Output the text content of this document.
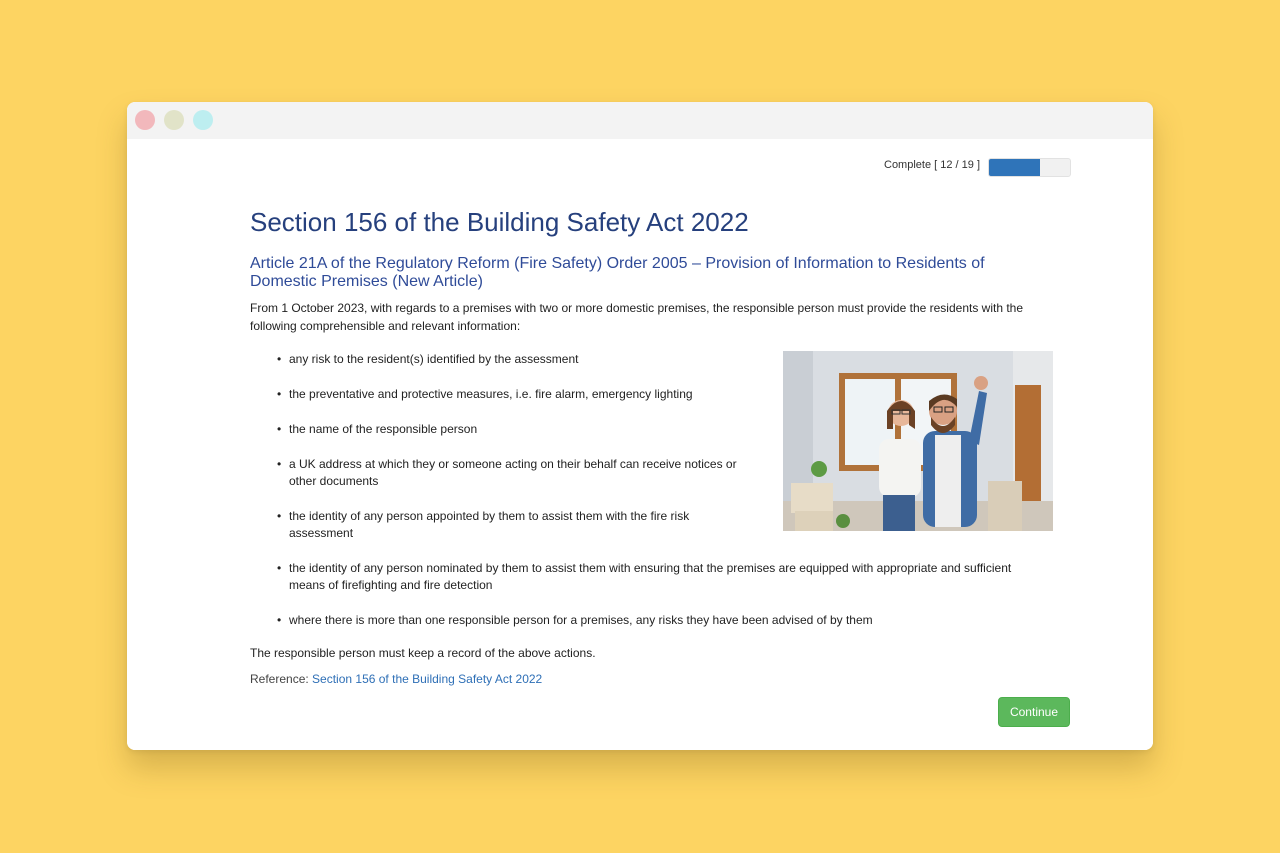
Complete [ 12 / 19 ]
Section 156 of the Building Safety Act 2022
Article 21A of the Regulatory Reform (Fire Safety) Order 2005 – Provision of Information to Residents of Domestic Premises (New Article)

From 1 October 2023, with regards to a premises with two or more domestic premises, the responsible person must provide the residents with the following comprehensible and relevant information:

• any risk to the resident(s) identified by the assessment
• the preventative and protective measures, i.e. fire alarm, emergency lighting
• the name of the responsible person
• a UK address at which they or someone acting on their behalf can receive notices or other documents
• the identity of any person appointed by them to assist them with the fire risk assessment
• the identity of any person nominated by them to assist them with ensuring that the premises are equipped with appropriate and sufficient means of firefighting and fire detection
• where there is more than one responsible person for a premises, any risks they have been advised of by them

The responsible person must keep a record of the above actions.

Reference: Section 156 of the Building Safety Act 2022

Continue
